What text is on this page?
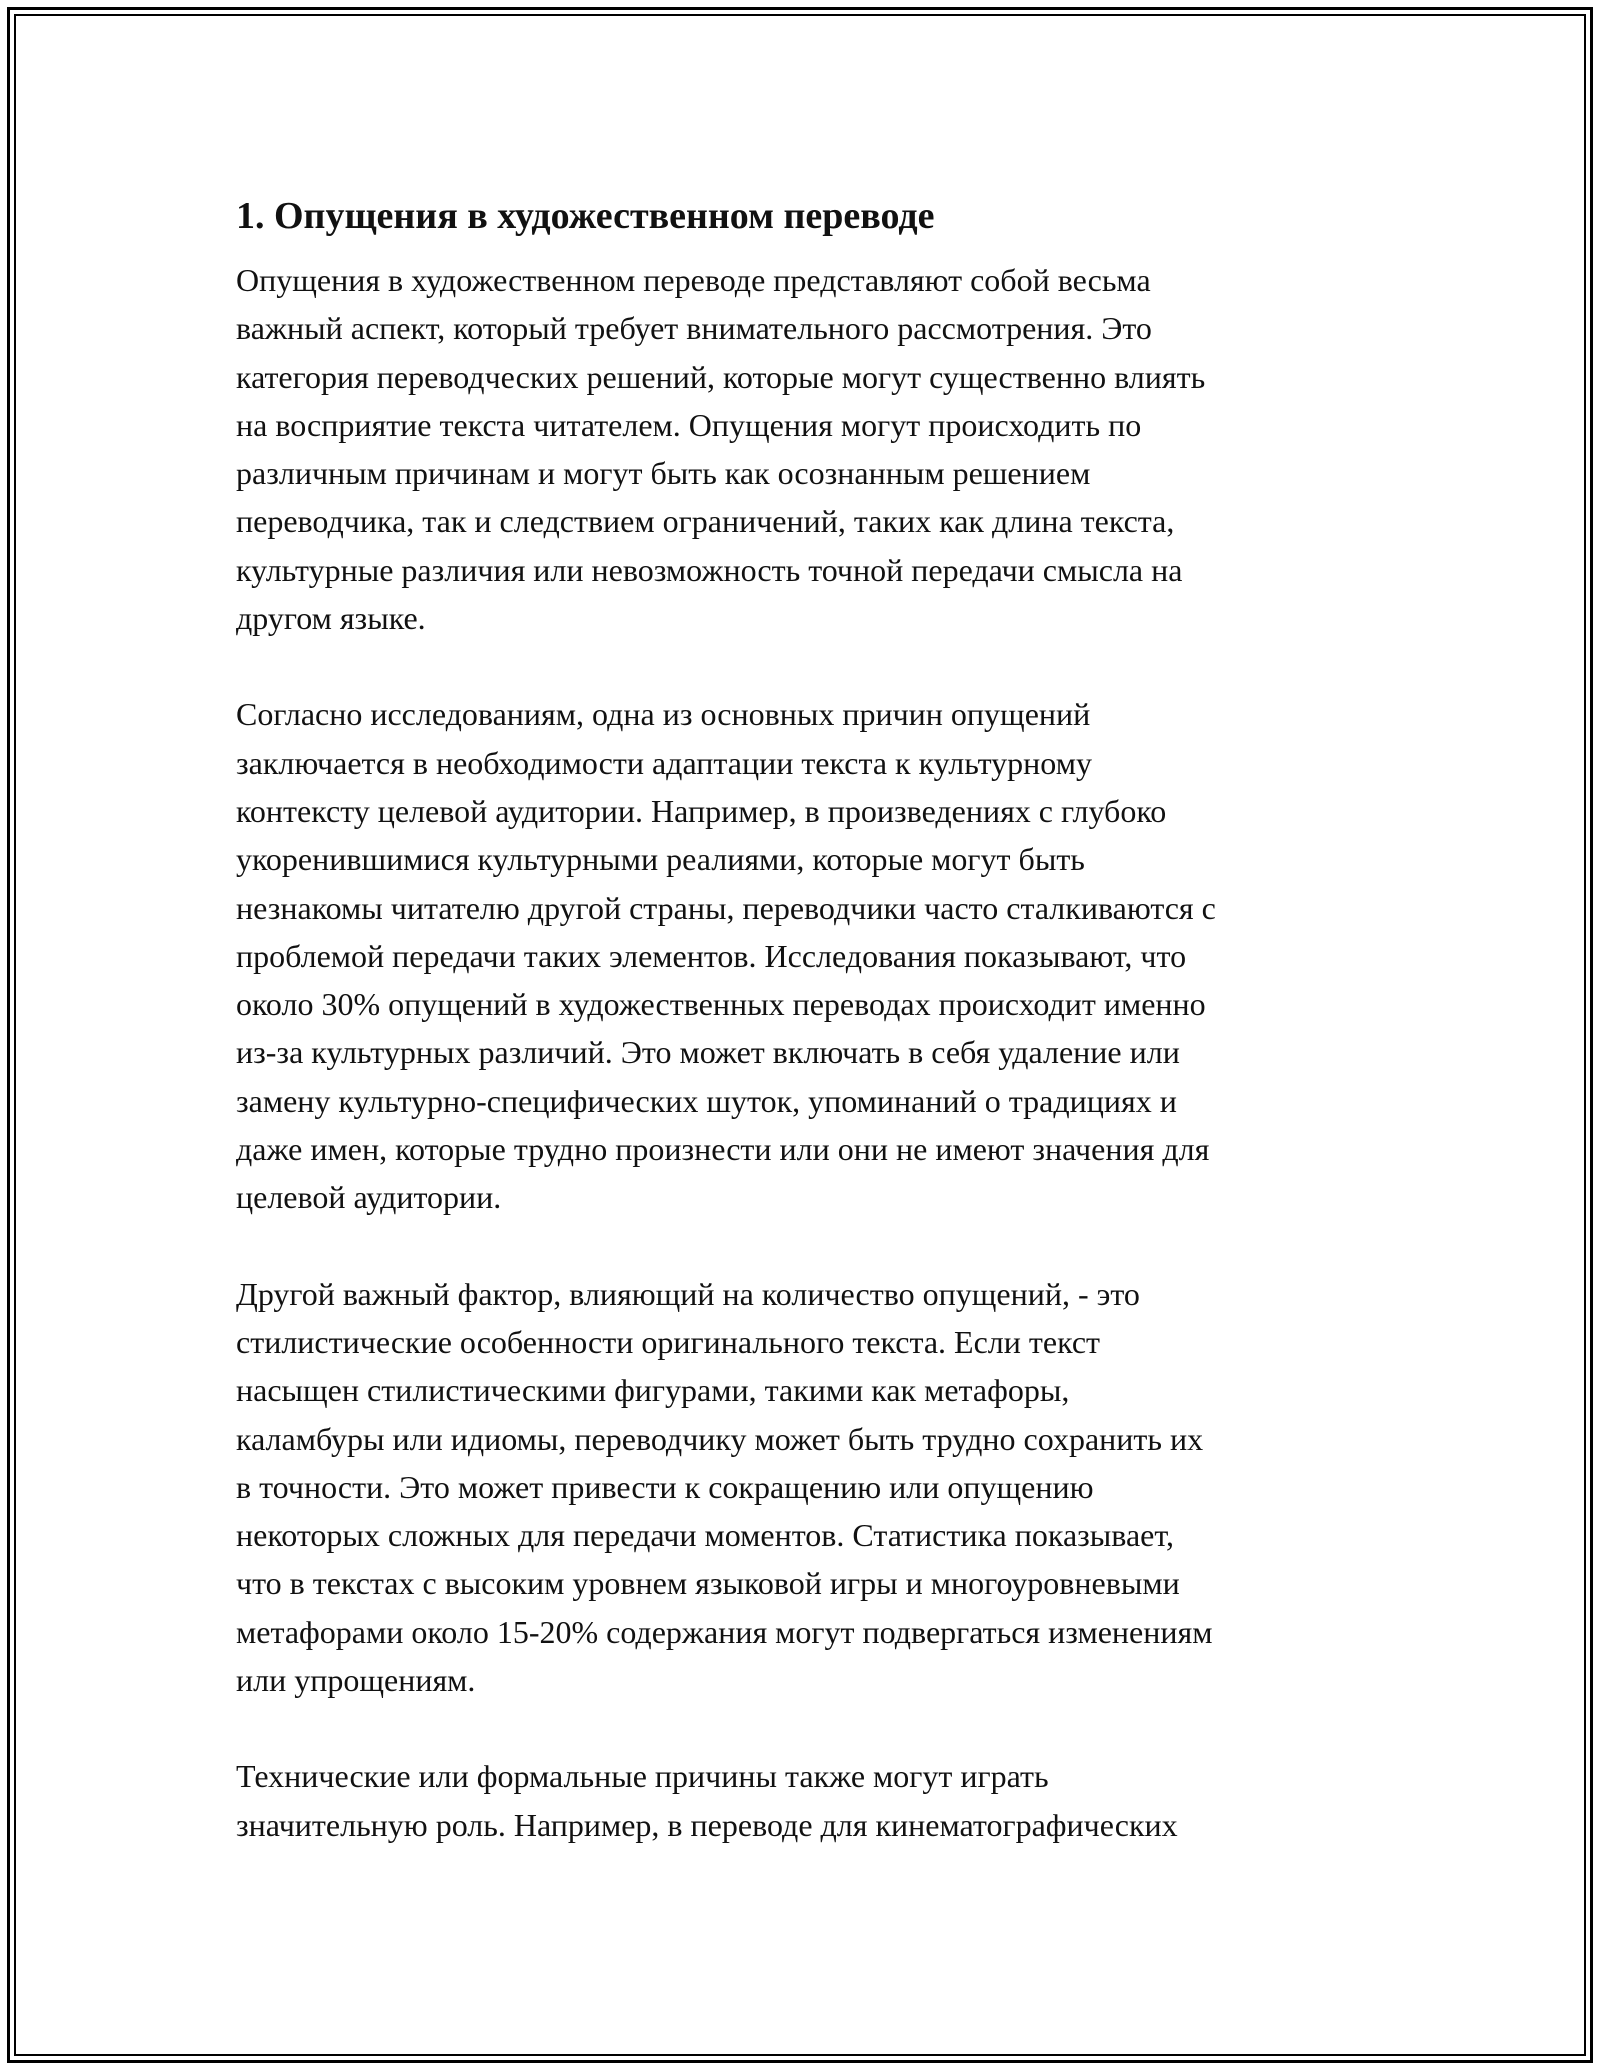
1. Опущения в художественном переводе

Опущения в художественном переводе представляют собой весьма
важный аспект, который требует внимательного рассмотрения. Это
категория переводческих решений, которые могут существенно влиять
на восприятие текста читателем. Опущения могут происходить по
различным причинам и могут быть как осознанным решением
переводчика, так и следствием ограничений, таких как длина текста,
культурные различия или невозможность точной передачи смысла на
другом языке.

Согласно исследованиям, одна из основных причин опущений
заключается в необходимости адаптации текста к культурному
контексту целевой аудитории. Например, в произведениях с глубоко
укоренившимися культурными реалиями, которые могут быть
незнакомы читателю другой страны, переводчики часто сталкиваются с
проблемой передачи таких элементов. Исследования показывают, что
около 30% опущений в художественных переводах происходит именно
из-за культурных различий. Это может включать в себя удаление или
замену культурно-специфических шуток, упоминаний о традициях и
даже имен, которые трудно произнести или они не имеют значения для
целевой аудитории.

Другой важный фактор, влияющий на количество опущений, - это
стилистические особенности оригинального текста. Если текст
насыщен стилистическими фигурами, такими как метафоры,
каламбуры или идиомы, переводчику может быть трудно сохранить их
в точности. Это может привести к сокращению или опущению
некоторых сложных для передачи моментов. Статистика показывает,
что в текстах с высоким уровнем языковой игры и многоуровневыми
метафорами около 15-20% содержания могут подвергаться изменениям
или упрощениям.

Технические или формальные причины также могут играть
значительную роль. Например, в переводе для кинематографических
